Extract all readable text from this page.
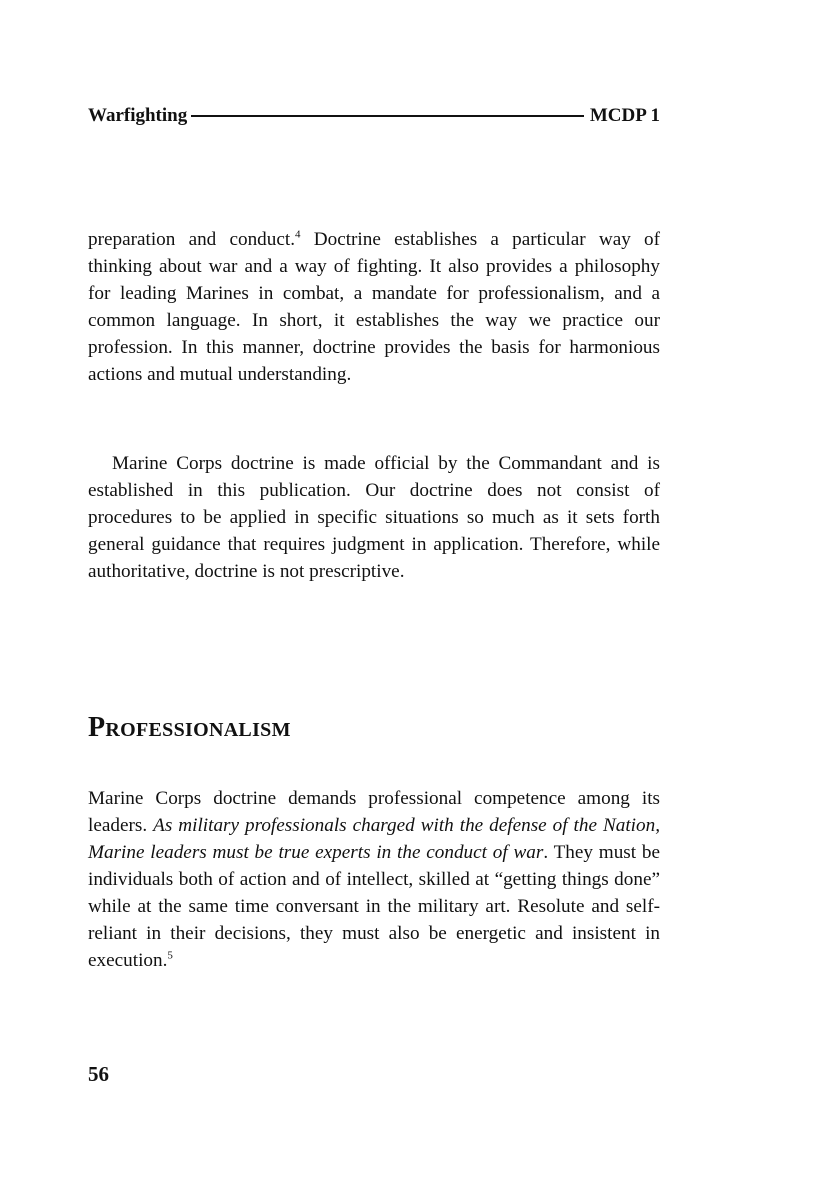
Warfighting	MCDP 1

preparation and conduct.$^4$ Doctrine establishes a particular way of thinking about war and a way of fighting. It also provides a philosophy for leading Marines in combat, a mandate for professionalism, and a common language. In short, it establishes the way we practice our profession. In this manner, doctrine provides the basis for harmonious actions and mutual understanding.

Marine Corps doctrine is made official by the Commandant and is established in this publication. Our doctrine does not consist of procedures to be applied in specific situations so much as it sets forth general guidance that requires judgment in application. Therefore, while authoritative, doctrine is not prescriptive.

Professionalism

Marine Corps doctrine demands professional competence among its leaders. As military professionals charged with the defense of the Nation, Marine leaders must be true experts in the conduct of war. They must be individuals both of action and of intellect, skilled at “getting things done” while at the same time conversant in the military art. Resolute and self-reliant in their decisions, they must also be energetic and insistent in execution.$^5$

56
